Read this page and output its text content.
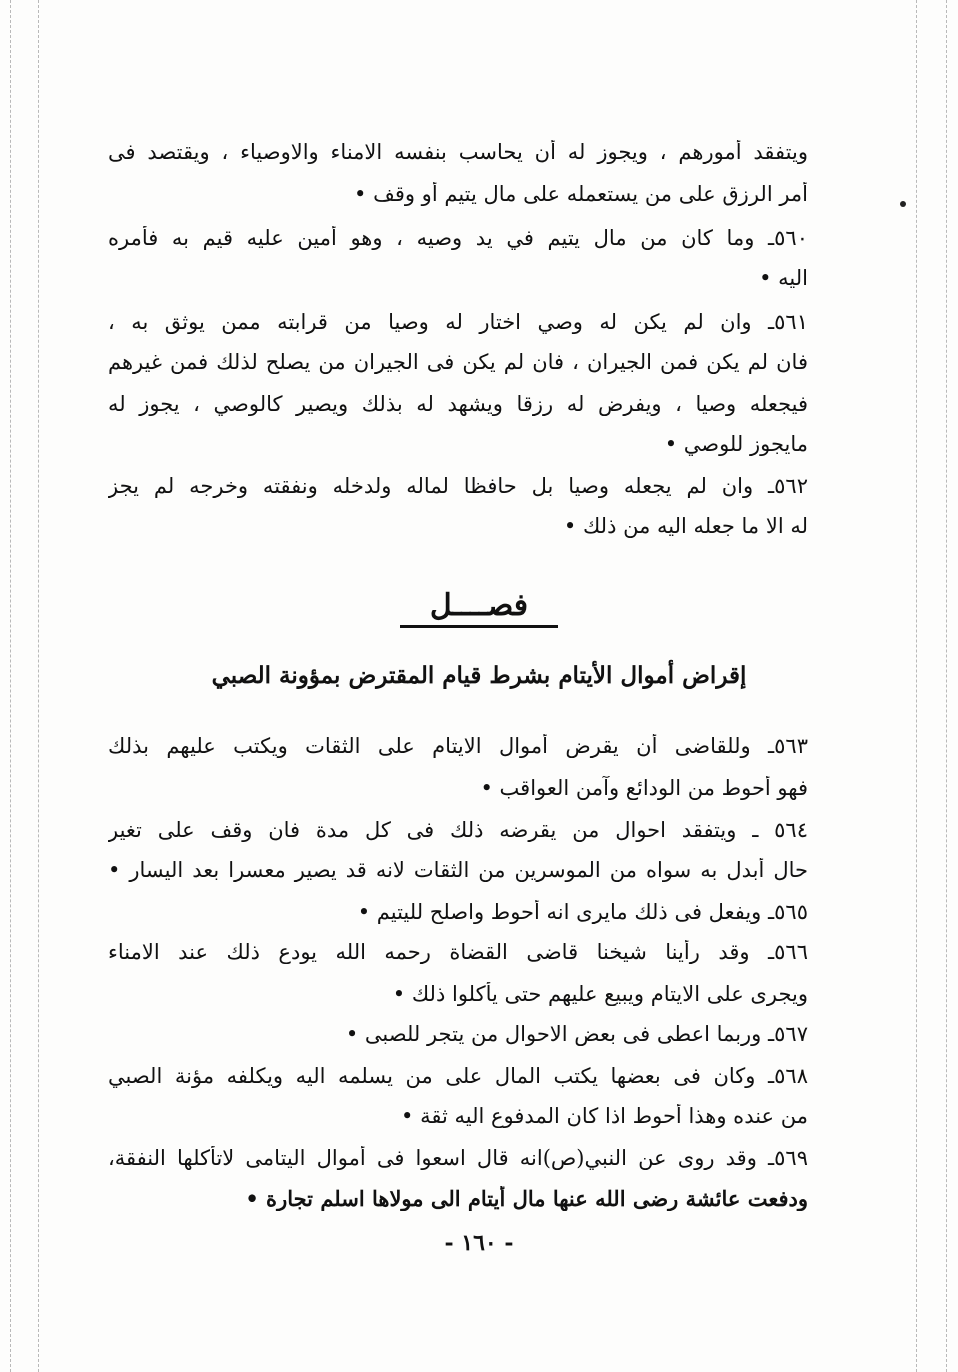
ويتفقد أمورهم ، ويجوز له أن يحاسب بنفسه الامناء والاوصياء ، ويقتصد فى
أمر الرزق على من يستعمله على مال يتيم أو وقف •
٥٦٠ـ وما كان من مال يتيم في يد وصيه ، وهو أمين عليه قيم به فأمره
اليه •
٥٦١ـ وان لم يكن له وصي اختار له وصيا من قرابته ممن يوثق به ،
فان لم يكن فمن الجيران ، فان لم يكن فى الجيران من يصلح لذلك فمن غيرهم
فيجعله وصيا ، ويفرض له رزقا ويشهد له بذلك ويصير كالوصي ، يجوز له
مايجوز للوصي •
٥٦٢ـ وان لم يجعله وصيا بل حافظا لماله ولدخله ونفقته وخرجه لم يجز
له الا ما جعله اليه من ذلك •
فصــــل
إقراض أموال الأيتام بشرط قيام المقترض بمؤونة الصبي
٥٦٣ـ وللقاضى أن يقرض أموال الايتام على الثقات ويكتب عليهم بذلك
فهو أحوط من الودائع وآمن العواقب •
٥٦٤ ـ ويتفقد احوال من يقرضه ذلك فى كل مدة فان وقف على تغير
حال أبدل به سواه من الموسرين من الثقات لانه قد يصير معسرا بعد اليسار •
٥٦٥ـ ويفعل فى ذلك مايرى انه أحوط واصلح لليتيم •
٥٦٦ـ وقد رأينا شيخنا قاضى القضاة رحمه الله يودع ذلك عند الامناء
ويجرى على الايتام ويبيع عليهم حتى يأكلوا ذلك •
٥٦٧ـ وربما اعطى فى بعض الاحوال من يتجر للصبى •
٥٦٨ـ وكان فى بعضها يكتب المال على من يسلمه اليه ويكلفه مؤنة الصبي
من عنده وهذا أحوط اذا كان المدفوع اليه ثقة •
٥٦٩ـ وقد روى عن النبي(ص)انه قال اسعوا فى أموال اليتامى لاتأكلها النفقة،
ودفعت عائشة رضى الله عنها مال أيتام الى مولاها اسلم تجارة •
- ١٦٠ -
